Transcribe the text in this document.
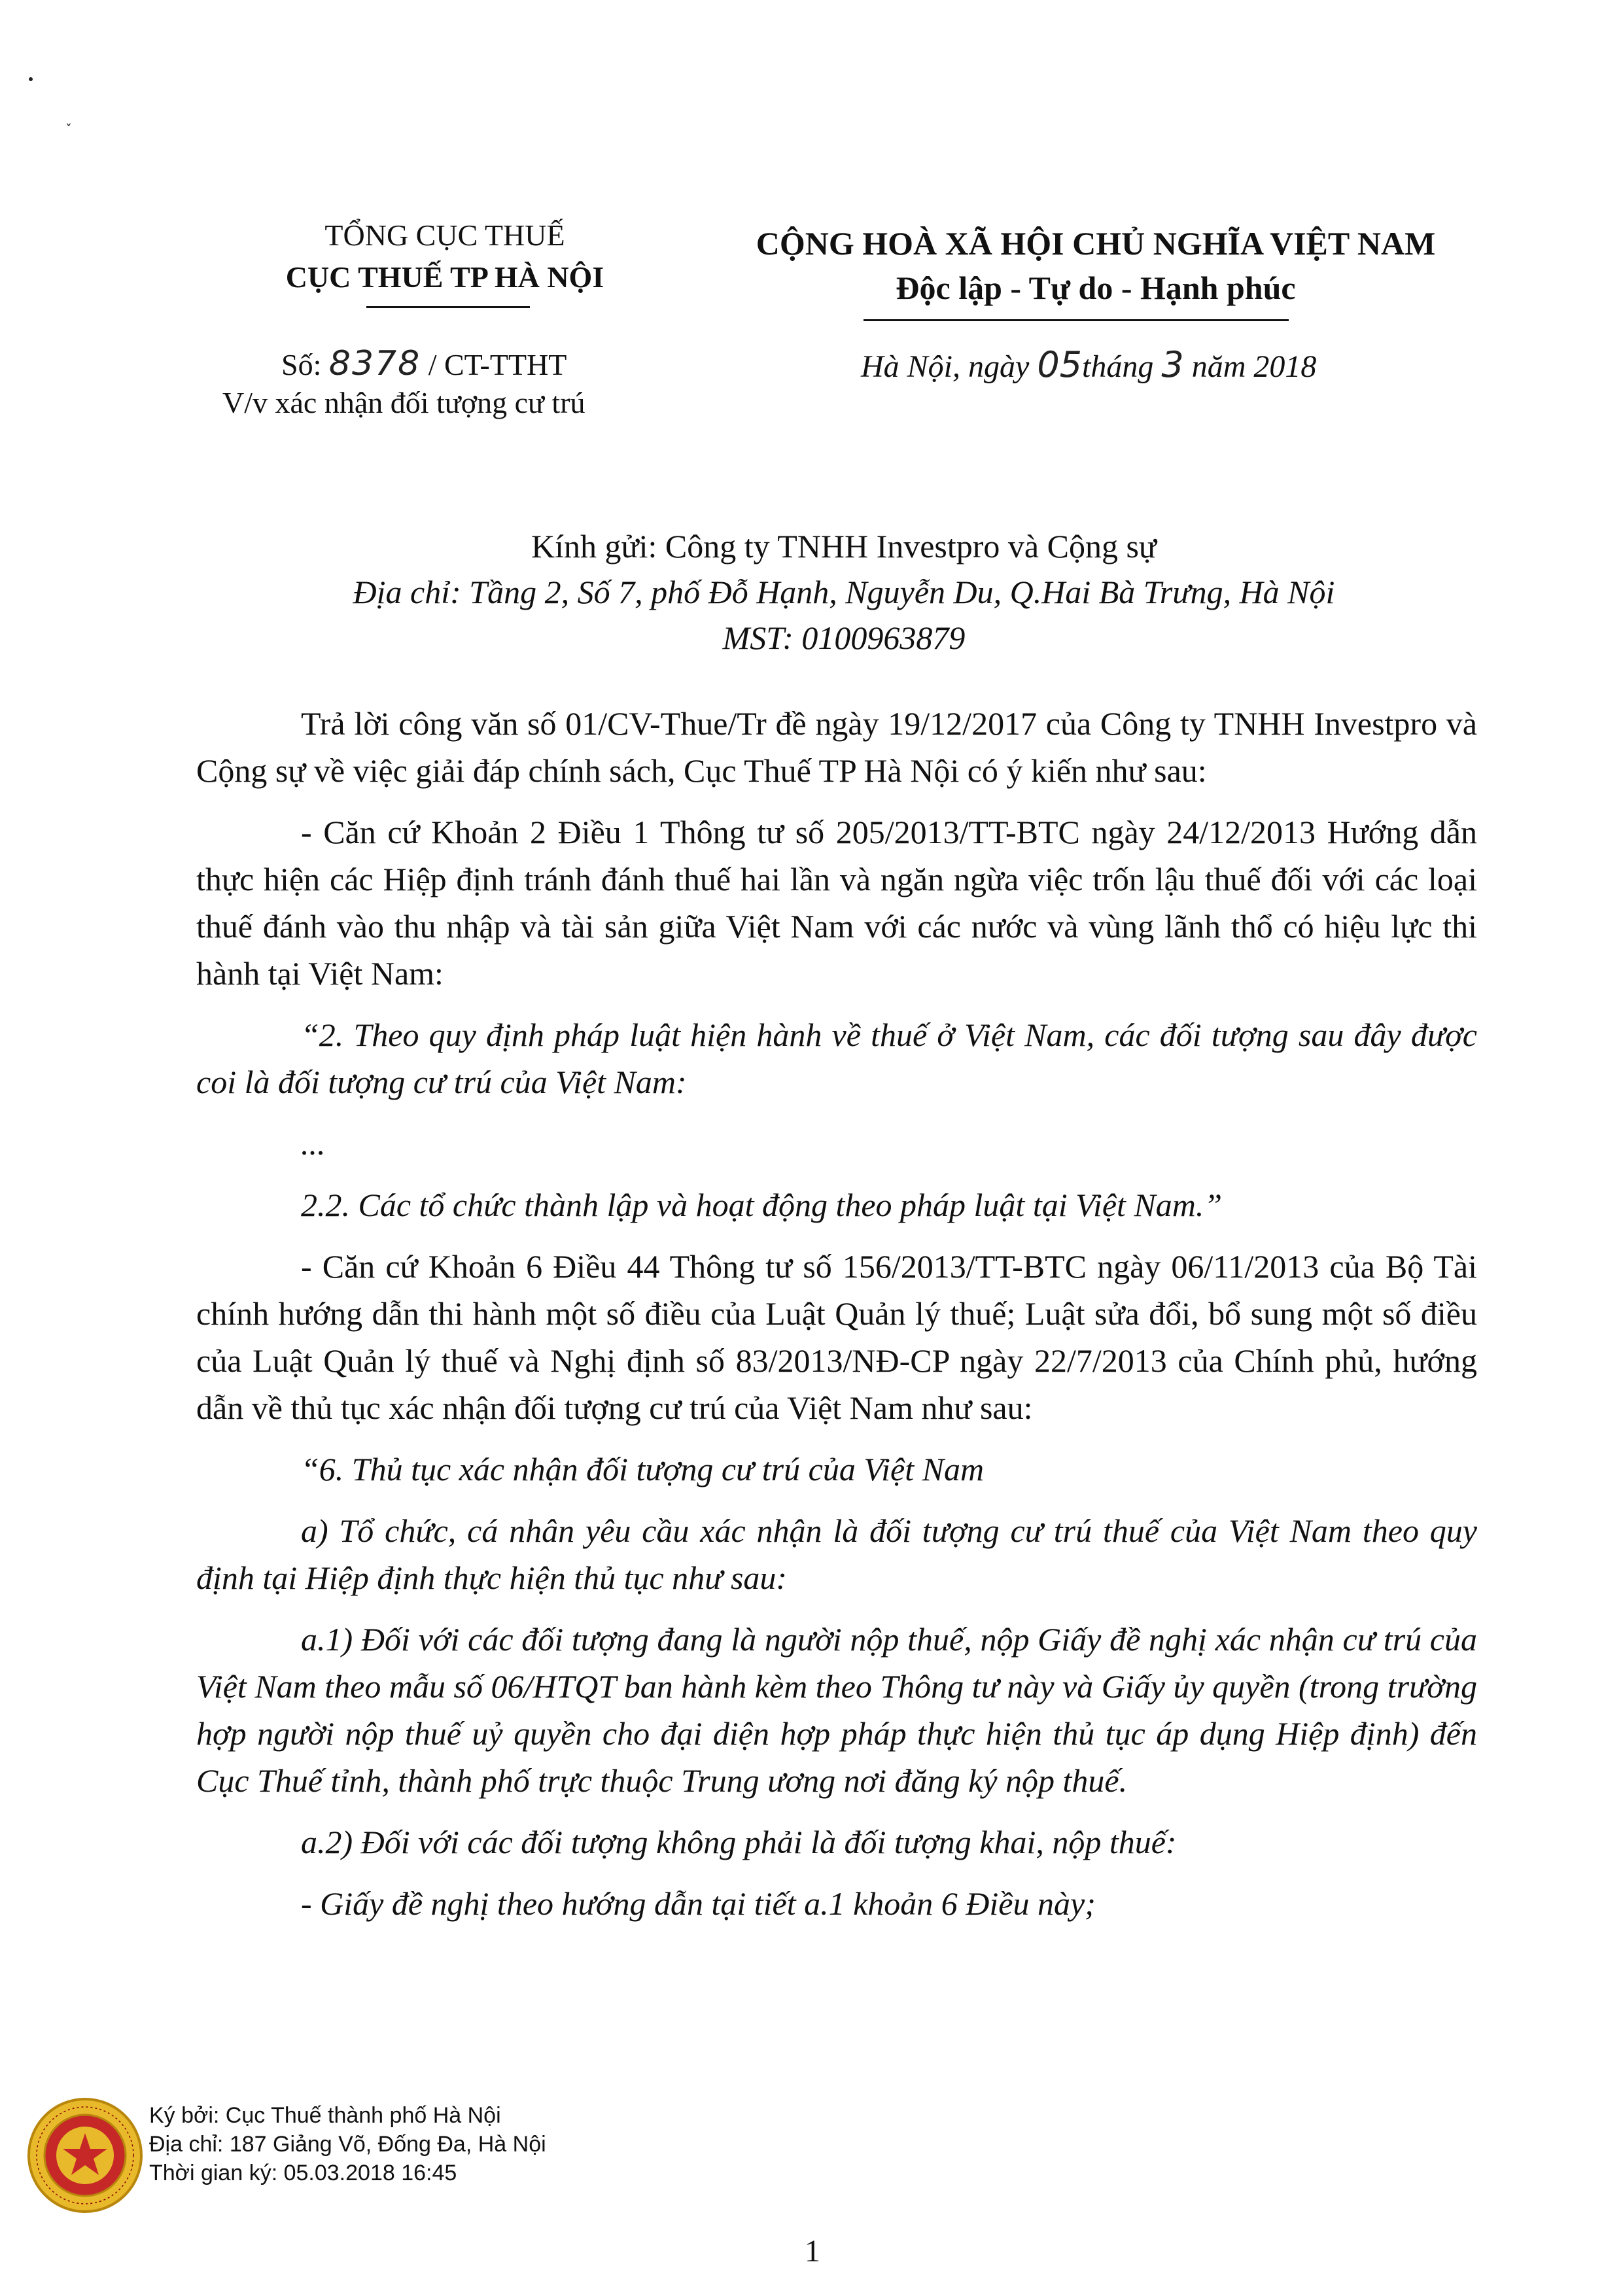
ˇ
TỔNG CỤC THUẾ
CỤC THUẾ TP HÀ NỘI
CỘNG HOÀ XÃ HỘI CHỦ NGHĨA VIỆT NAM
Độc lập - Tự do - Hạnh phúc
Số: 8378 / CT-TTHT
V/v xác nhận đối tượng cư trú
Hà Nội, ngày 05tháng 3 năm 2018
Kính gửi: Công ty TNHH Investpro và Cộng sự
Địa chỉ: Tầng 2, Số 7, phố Đỗ Hạnh, Nguyễn Du, Q.Hai Bà Trưng, Hà Nội
MST: 0100963879

Trả lời công văn số 01/CV-Thue/Tr đề ngày 19/12/2017 của Công ty TNHH Investpro và Cộng sự về việc giải đáp chính sách, Cục Thuế TP Hà Nội có ý kiến như sau:

- Căn cứ Khoản 2 Điều 1 Thông tư số 205/2013/TT-BTC ngày 24/12/2013 Hướng dẫn thực hiện các Hiệp định tránh đánh thuế hai lần và ngăn ngừa việc trốn lậu thuế đối với các loại thuế đánh vào thu nhập và tài sản giữa Việt Nam với các nước và vùng lãnh thổ có hiệu lực thi hành tại Việt Nam:

“2. Theo quy định pháp luật hiện hành về thuế ở Việt Nam, các đối tượng sau đây được coi là đối tượng cư trú của Việt Nam:

...

2.2. Các tổ chức thành lập và hoạt động theo pháp luật tại Việt Nam.”

- Căn cứ Khoản 6 Điều 44 Thông tư số 156/2013/TT-BTC ngày 06/11/2013 của Bộ Tài chính hướng dẫn thi hành một số điều của Luật Quản lý thuế; Luật sửa đổi, bổ sung một số điều của Luật Quản lý thuế và Nghị định số 83/2013/NĐ-CP ngày 22/7/2013 của Chính phủ, hướng dẫn về thủ tục xác nhận đối tượng cư trú của Việt Nam như sau:

“6. Thủ tục xác nhận đối tượng cư trú của Việt Nam

a) Tổ chức, cá nhân yêu cầu xác nhận là đối tượng cư trú thuế của Việt Nam theo quy định tại Hiệp định thực hiện thủ tục như sau:

a.1) Đối với các đối tượng đang là người nộp thuế, nộp Giấy đề nghị xác nhận cư trú của Việt Nam theo mẫu số 06/HTQT ban hành kèm theo Thông tư này và Giấy ủy quyền (trong trường hợp người nộp thuế uỷ quyền cho đại diện hợp pháp thực hiện thủ tục áp dụng Hiệp định) đến Cục Thuế tỉnh, thành phố trực thuộc Trung ương nơi đăng ký nộp thuế.

a.2) Đối với các đối tượng không phải là đối tượng khai, nộp thuế:

- Giấy đề nghị theo hướng dẫn tại tiết a.1 khoản 6 Điều này;

Ký bởi: Cục Thuế thành phố Hà Nội
Địa chỉ: 187 Giảng Võ, Đống Đa, Hà Nội
Thời gian ký: 05.03.2018 16:45
1
